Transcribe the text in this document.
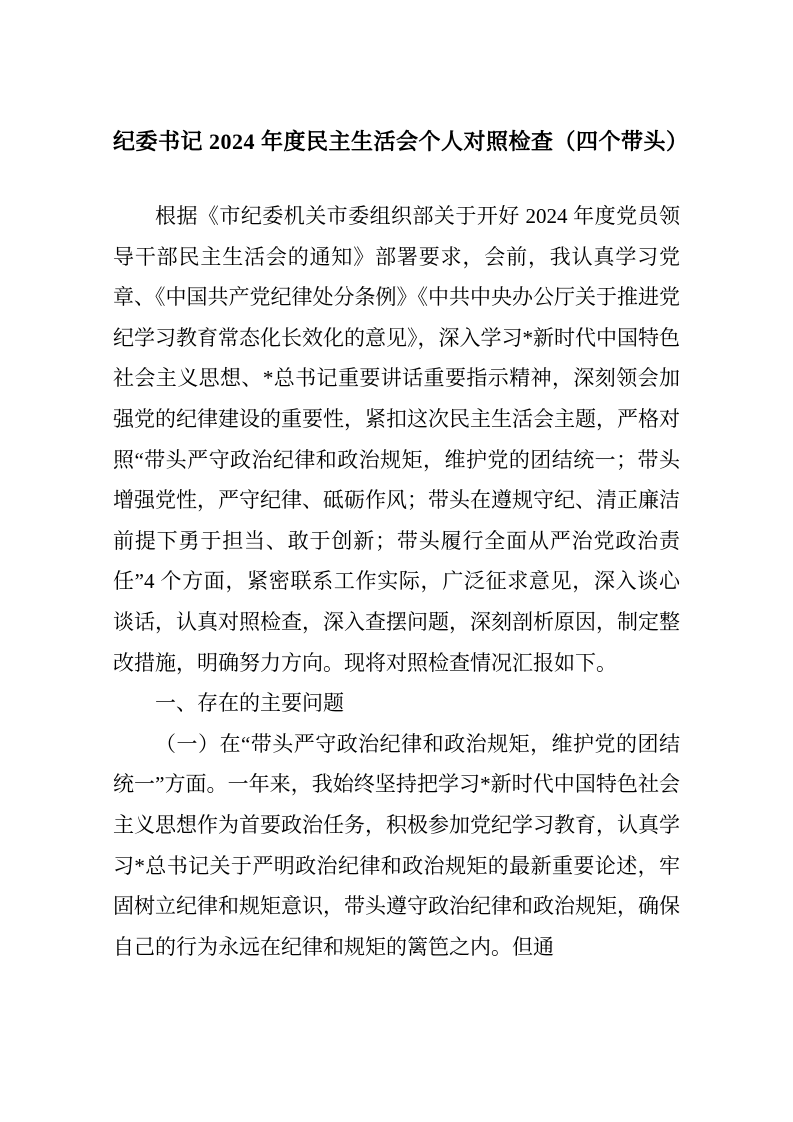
纪委书记 2024 年度民主生活会个人对照检查（四个带头）

根据《市纪委机关市委组织部关于开好 2024 年度党员领导干部民主生活会的通知》部署要求，会前，我认真学习党章、《中国共产党纪律处分条例》《中共中央办公厅关于推进党纪学习教育常态化长效化的意见》，深入学习*新时代中国特色社会主义思想、*总书记重要讲话重要指示精神，深刻领会加强党的纪律建设的重要性，紧扣这次民主生活会主题，严格对照“带头严守政治纪律和政治规矩，维护党的团结统一；带头增强党性，严守纪律、砥砺作风；带头在遵规守纪、清正廉洁前提下勇于担当、敢于创新；带头履行全面从严治党政治责任”4 个方面，紧密联系工作实际，广泛征求意见，深入谈心谈话，认真对照检查，深入查摆问题，深刻剖析原因，制定整改措施，明确努力方向。现将对照检查情况汇报如下。

一、存在的主要问题

（一）在“带头严守政治纪律和政治规矩，维护党的团结统一”方面。一年来，我始终坚持把学习*新时代中国特色社会主义思想作为首要政治任务，积极参加党纪学习教育，认真学习*总书记关于严明政治纪律和政治规矩的最新重要论述，牢固树立纪律和规矩意识，带头遵守政治纪律和政治规矩，确保自己的行为永远在纪律和规矩的篱笆之内。但通
